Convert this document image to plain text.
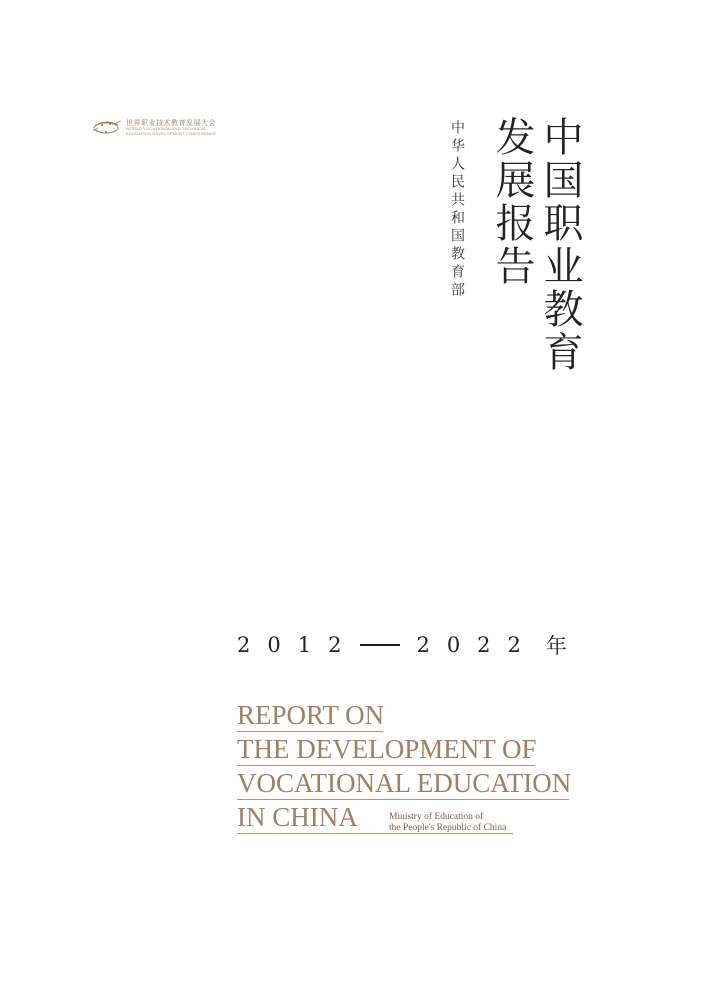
世界职业技术教育发展大会
WORLD VOCATIONAL AND TECHNICAL
EDUCATION DEVELOPMENT CONFERENCE	中国职业教育
发展报告
中华人民共和国教育部
2012	2022 年
REPORT ON
THE DEVELOPMENT OF
VOCATIONAL EDUCATION
IN CHINA	Ministry of Education of
the People's Republic of China
